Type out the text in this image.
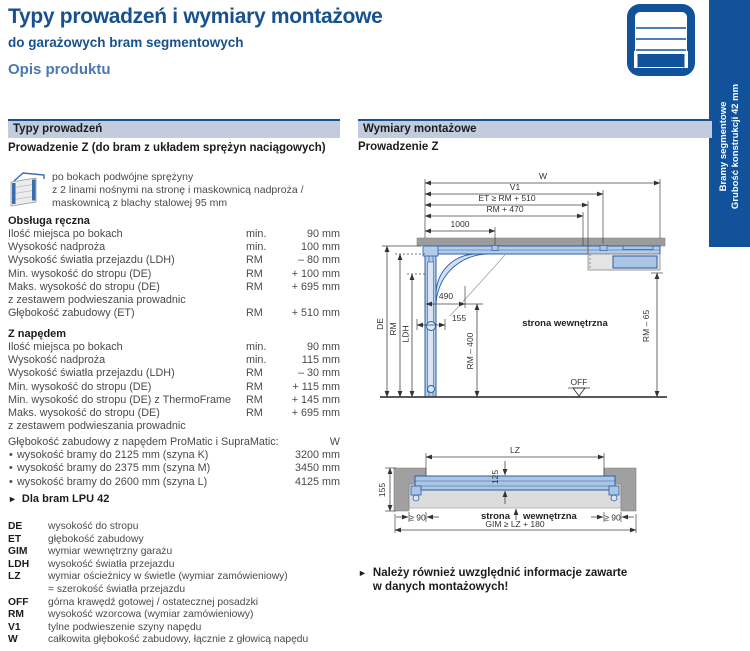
Typy prowadzeń i wymiary montażowe
do garażowych bram segmentowych
Opis produktu
Bramy segmentowe Grubość konstrukcji 42 mm
Typy prowadzeń
Prowadzenie Z (do bram z układem sprężyn naciągowych)
po bokach podwójne sprężyny
z 2 linami nośnymi na stronę i maskownicą nadproża /
maskownicą z blachy stalowej 95 mm
Obsługa ręczna
Ilość miejsca po bokach	min.	90 mm
Wysokość nadproża	min.	100 mm
Wysokość światła przejazdu (LDH)	RM	– 80 mm
Min. wysokość do stropu (DE)	RM	+ 100 mm
Maks. wysokość do stropu (DE)	RM	+ 695 mm
z zestawem podwieszania prowadnic
Głębokość zabudowy (ET)	RM	+ 510 mm
Z napędem
Ilość miejsca po bokach	min.	90 mm
Wysokość nadproża	min.	115 mm
Wysokość światła przejazdu (LDH)	RM	– 30 mm
Min. wysokość do stropu (DE)	RM	+ 115 mm
Min. wysokość do stropu (DE) z ThermoFrame	RM	+ 145 mm
Maks. wysokość do stropu (DE)	RM	+ 695 mm
z zestawem podwieszania prowadnic
Głębokość zabudowy z napędem ProMatic i SupraMatic:	W
• wysokość bramy do 2125 mm (szyna K)	3200 mm
• wysokość bramy do 2375 mm (szyna M)	3450 mm
• wysokość bramy do 2600 mm (szyna L)	4125 mm
► Dla bram LPU 42
DE	wysokość do stropu
ET	głębokość zabudowy
GIM	wymiar wewnętrzny garażu
LDH	wysokość światła przejazdu
LZ	wymiar ościeżnicy w świetle (wymiar zamówieniowy)
= szerokość światła przejazdu
OFF	górna krawędź gotowej / ostatecznej posadzki
RM	wysokość wzorcowa (wymiar zamówieniowy)
V1	tylne podwieszenie szyny napędu
W	całkowita głębokość zabudowy, łącznie z głowicą napędu
Wymiary montażowe
Prowadzenie Z
W
V1
ET ≥ RM + 510
RM + 470
1000
DE RM LDH
490
155
RM – 400
strona wewnętrzna	RM – 65
OFF
LZ
125
155
≥ 90	≥ 90
strona wewnętrzna
GIM ≥ LZ + 180
► Należy również uwzględnić informacje zawarte
w danych montażowych!
